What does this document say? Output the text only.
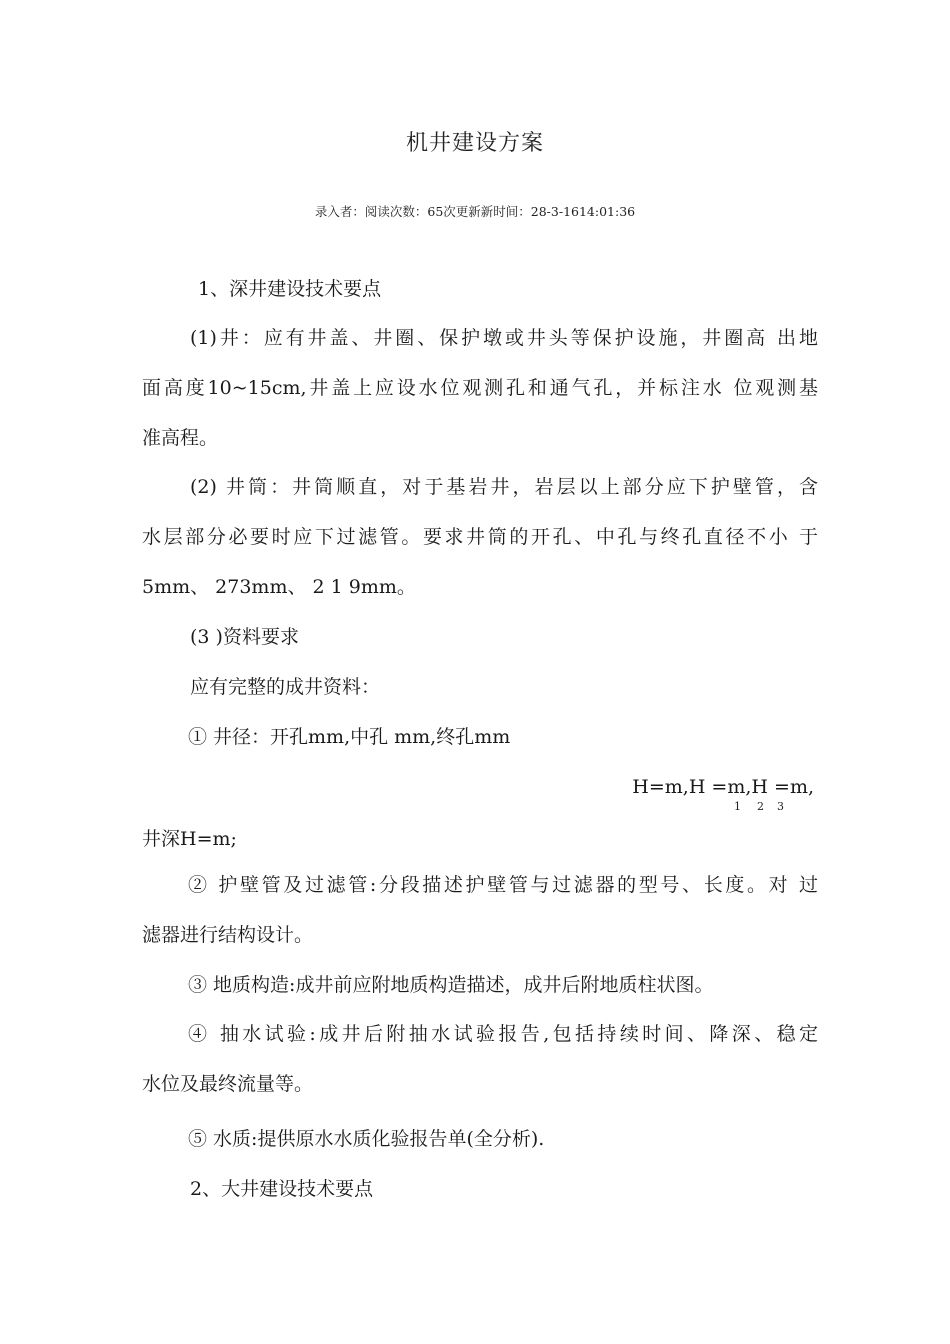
机井建设方案
录入者：阅读次数：65次更新新时间：28-3-1614:01:36
1、深井建设技术要点
(1)井：应有井盖、井圈、保护墩或井头等保护设施，井圈高 出地
面高度10~15cm,井盖上应设水位观测孔和通气孔，并标注水 位观测基
准高程。
(2) 井筒：井筒顺直，对于基岩井，岩层以上部分应下护壁管，含
水层部分必要时应下过滤管。要求井筒的开孔、中孔与终孔直径不小 于
5mm、 273mm、 2 1 9mm。
(3 )资料要求
应有完整的成井资料：
① 井径：开孔mm,中孔 mm,终孔mm
H=m,H =m,H =m,
1 2 3
井深H=m;
② 护壁管及过滤管:分段描述护壁管与过滤器的型号、长度。对 过
滤器进行结构设计。
③ 地质构造:成井前应附地质构造描述，成井后附地质柱状图。
④ 抽水试验:成井后附抽水试验报告,包括持续时间、降深、稳定
水位及最终流量等。
⑤ 水质:提供原水水质化验报告单(全分析).
2、大井建设技术要点
